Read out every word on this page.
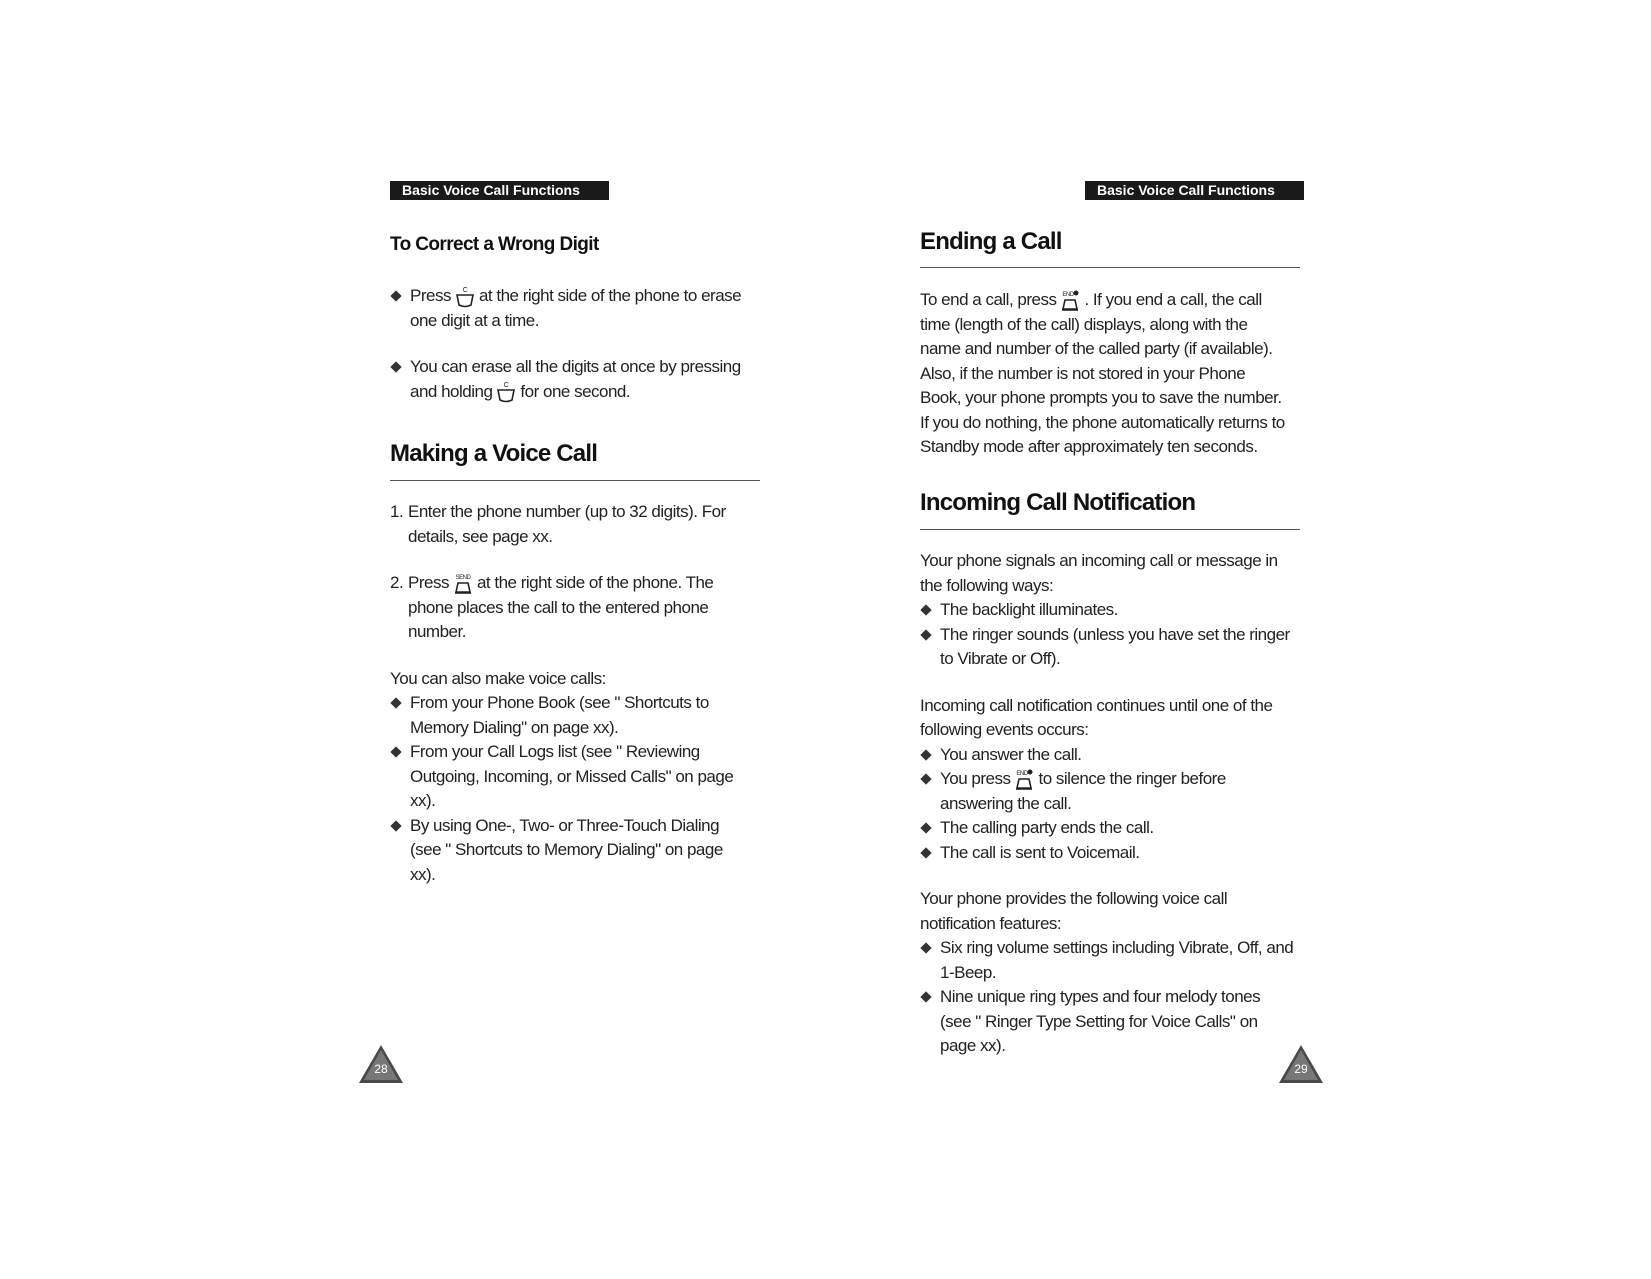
Basic Voice Call Functions
To Correct a Wrong Digit
Press C at the right side of the phone to erase one digit at a time.
You can erase all the digits at once by pressing and holding C for one second.
Making a Voice Call
1. Enter the phone number (up to 32 digits). For details, see page xx.
2. Press SEND at the right side of the phone. The phone places the call to the entered phone number.
You can also make voice calls:
From your Phone Book (see " Shortcuts to Memory Dialing" on page xx).
From your Call Logs list (see " Reviewing Outgoing, Incoming, or Missed Calls" on page xx).
By using One-, Two- or Three-Touch Dialing (see " Shortcuts to Memory Dialing" on page xx).
28
Basic Voice Call Functions
Ending a Call
To end a call, press END . If you end a call, the call time (length of the call) displays, along with the name and number of the called party (if available). Also, if the number is not stored in your Phone Book, your phone prompts you to save the number. If you do nothing, the phone automatically returns to Standby mode after approximately ten seconds.
Incoming Call Notification
Your phone signals an incoming call or message in the following ways:
The backlight illuminates.
The ringer sounds (unless you have set the ringer to Vibrate or Off).
Incoming call notification continues until one of the following events occurs:
You answer the call.
You press END to silence the ringer before answering the call.
The calling party ends the call.
The call is sent to Voicemail.
Your phone provides the following voice call notification features:
Six ring volume settings including Vibrate, Off, and 1-Beep.
Nine unique ring types and four melody tones (see " Ringer Type Setting for Voice Calls" on page xx).
29
